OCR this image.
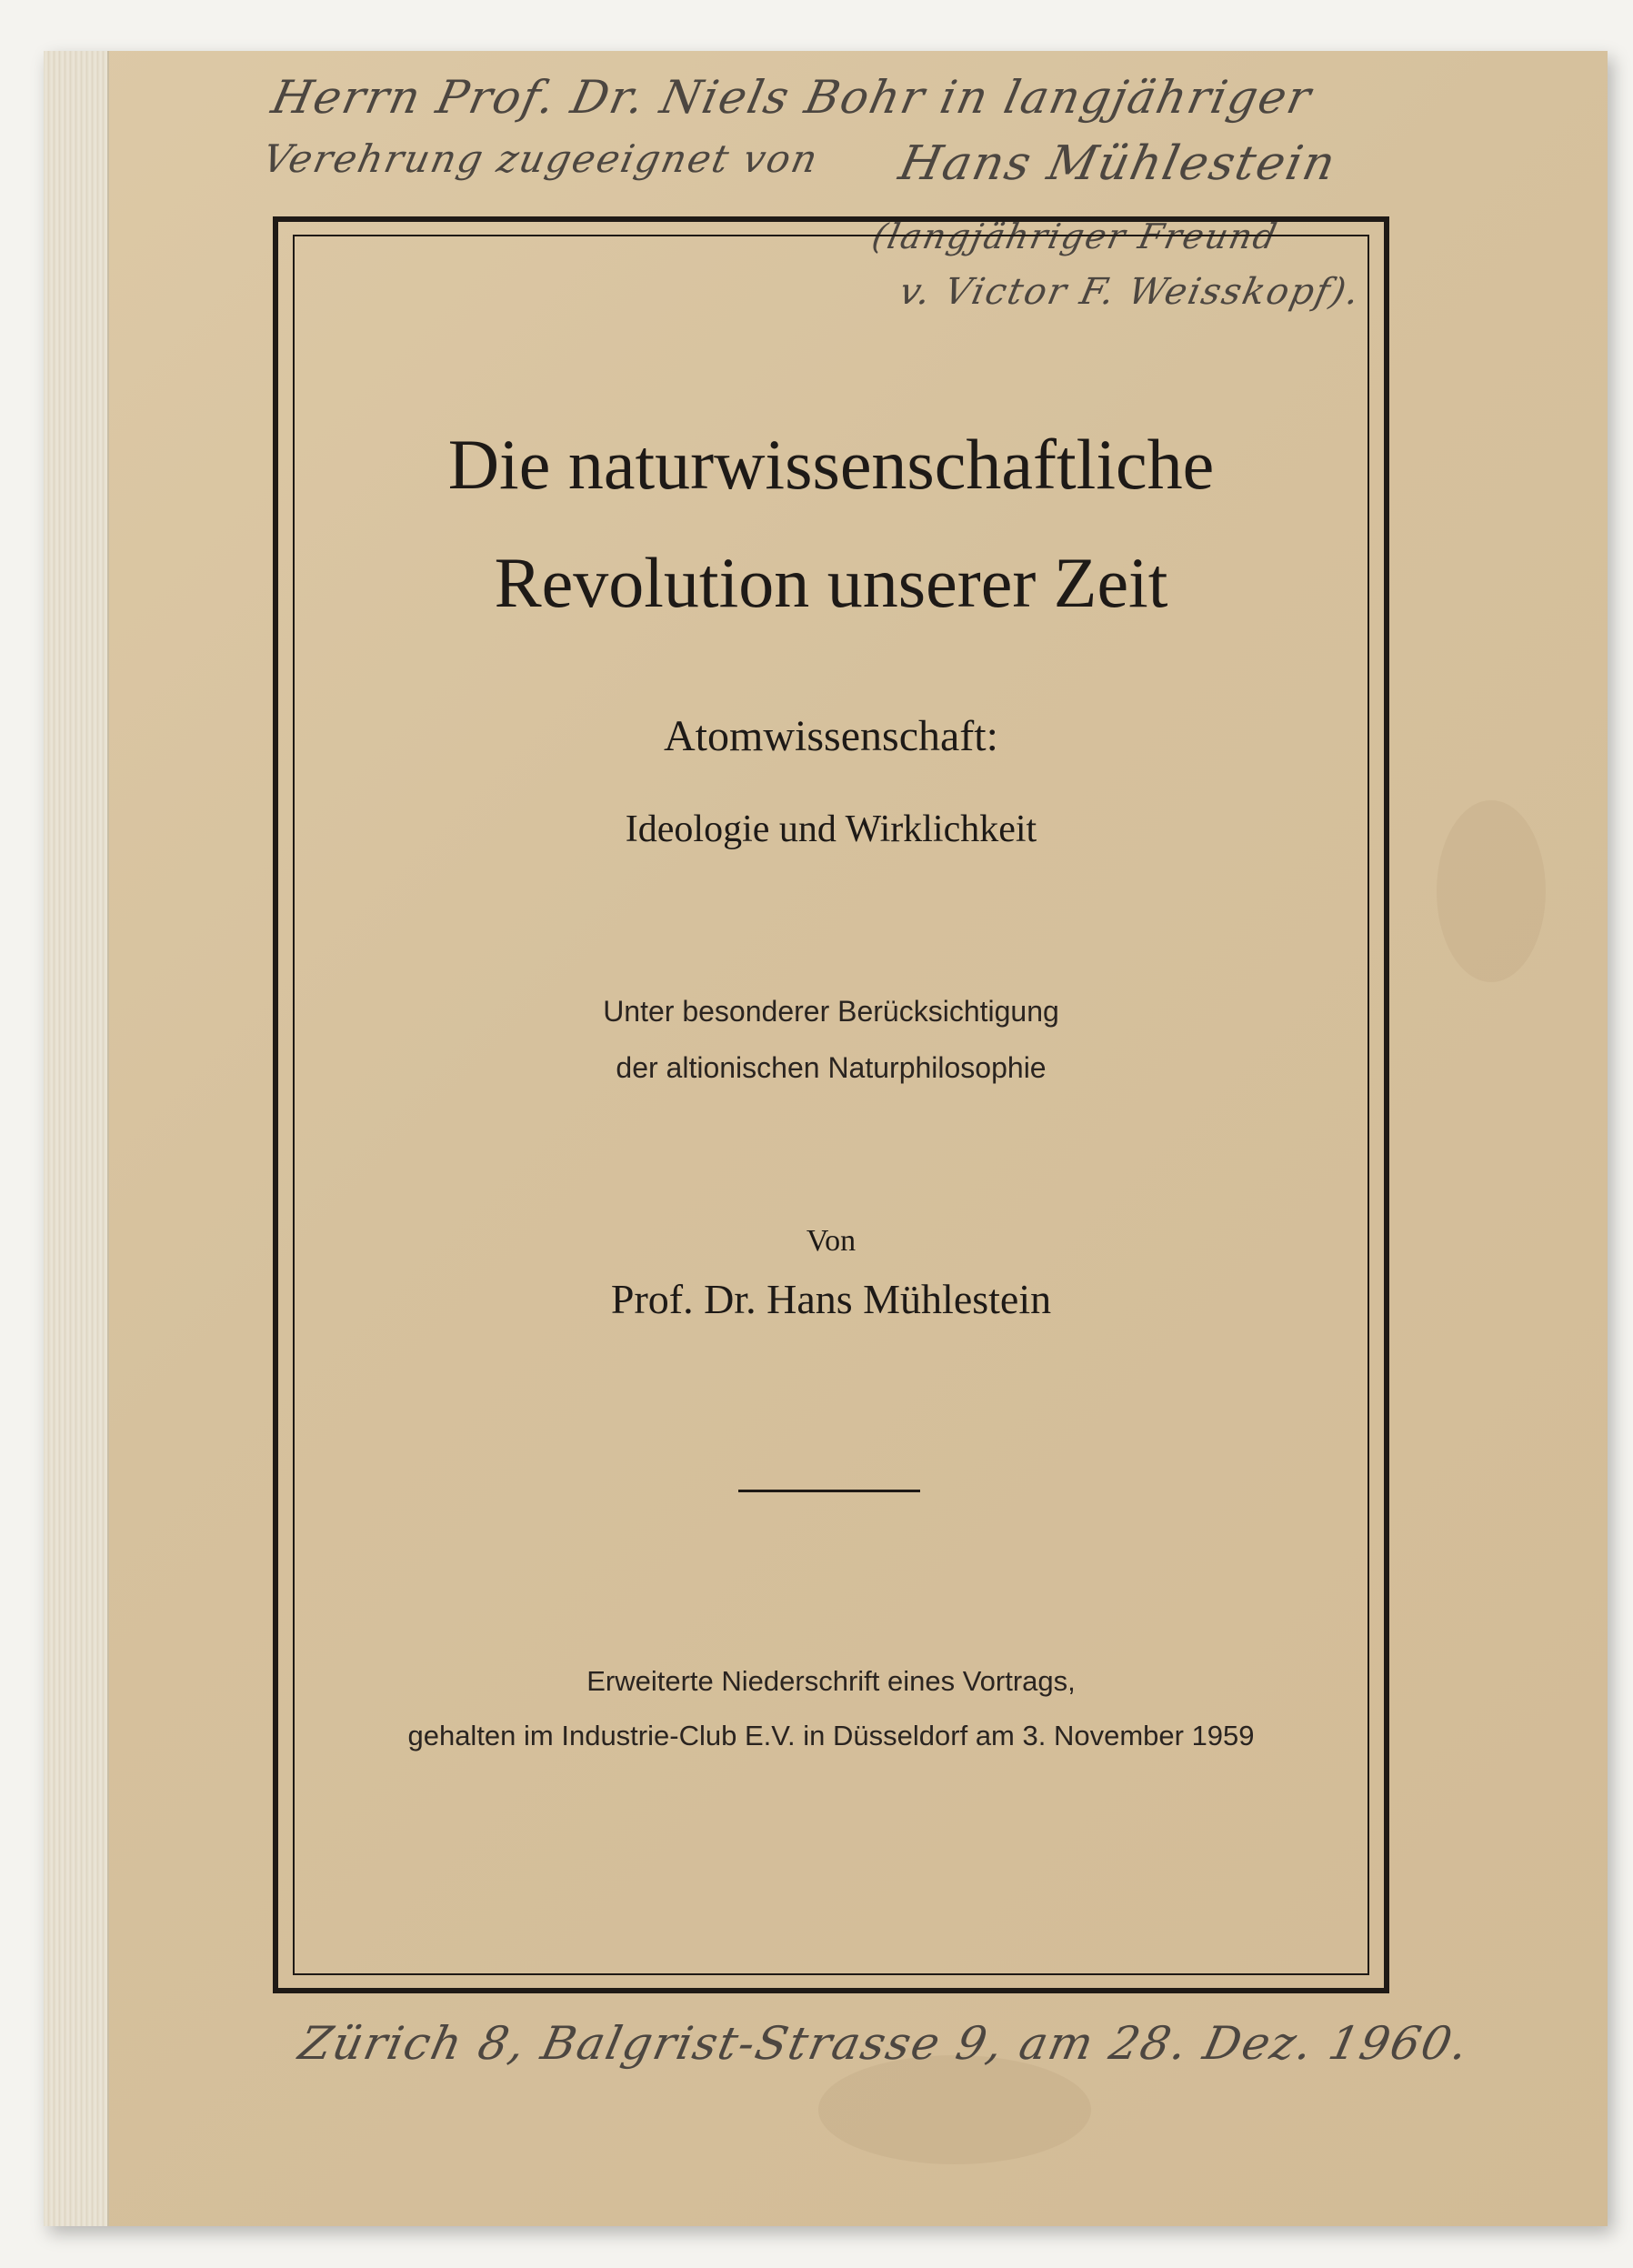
Herrn Prof. Dr. Niels Bohr in langjähriger
Verehrung zugeeignet von Hans Mühlestein
(langjähriger Freund
v. Victor F. Weisskopf).
Die naturwissenschaftliche
Revolution unserer Zeit
Atomwissenschaft:
Ideologie und Wirklichkeit
Unter besonderer Berücksichtigung
der altionischen Naturphilosophie
Von
Prof. Dr. Hans Mühlestein
Erweiterte Niederschrift eines Vortrags,
gehalten im Industrie-Club E.V. in Düsseldorf am 3. November 1959
Zürich 8, Balgrist-Strasse 9, am 28. Dez. 1960.
